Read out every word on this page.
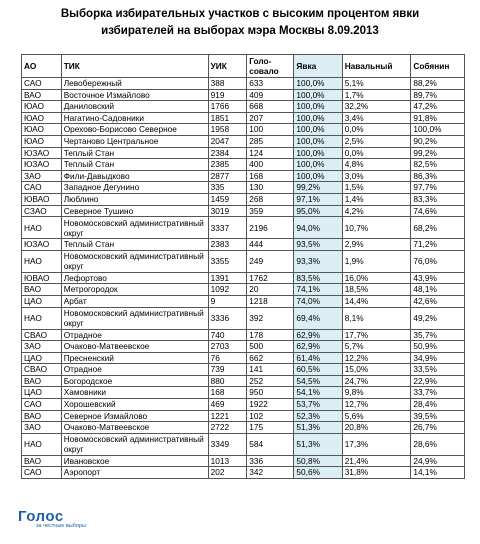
Выборка избирательных участков с высоким процентом явки
избирателей на выборах мэра Москвы 8.09.2013
АО	ТИК	УИК	Голо-совало	Явка	Навальный	Собянин
САО	Левобережный	388	633	100,0%	5,1%	88,2%
ВАО	Восточное Измайлово	919	409	100,0%	1,7%	89,7%
ЮАО	Даниловский	1766	668	100,0%	32,2%	47,2%
ЮАО	Нагатино-Садовники	1851	207	100,0%	3,4%	91,8%
ЮАО	Орехово-Борисово Северное	1958	100	100,0%	0,0%	100,0%
ЮАО	Чертаново Центральное	2047	285	100,0%	2,5%	90,2%
ЮЗАО	Теплый Стан	2384	124	100,0%	0,0%	99,2%
ЮЗАО	Теплый Стан	2385	400	100,0%	4,8%	82,5%
ЗАО	Фили-Давыдково	2877	168	100,0%	3,0%	86,3%
САО	Западное Дегунино	335	130	99,2%	1,5%	97,7%
ЮВАО	Люблино	1459	268	97,1%	1,4%	83,3%
СЗАО	Северное Тушино	3019	359	95,0%	4,2%	74,6%
НАО	Новомосковский административный округ	3337	2196	94,0%	10,7%	68,2%
ЮЗАО	Теплый Стан	2383	444	93,5%	2,9%	71,2%
НАО	Новомосковский административный округ	3355	249	93,3%	1,9%	76,0%
ЮВАО	Лефортово	1391	1762	83,5%	16,0%	43,9%
ВАО	Метрогородок	1092	20	74,1%	18,5%	48,1%
ЦАО	Арбат	9	1218	74,0%	14,4%	42,6%
НАО	Новомосковский административный округ	3336	392	69,4%	8,1%	49,2%
СВАО	Отрадное	740	178	62,9%	17,7%	35,7%
ЗАО	Очаково-Матвеевское	2703	500	62,9%	5,7%	50,9%
ЦАО	Пресненский	76	662	61,4%	12,2%	34,9%
СВАО	Отрадное	739	141	60,5%	15,0%	33,5%
ВАО	Богородское	880	252	54,5%	24,7%	22,9%
ЦАО	Хамовники	168	950	54,1%	9,8%	33,7%
САО	Хорошевский	469	1922	53,7%	12,7%	28,4%
ВАО	Северное Измайлово	1221	102	52,3%	5,6%	39,5%
ЗАО	Очаково-Матвеевское	2722	175	51,3%	20,8%	26,7%
НАО	Новомосковский административный округ	3349	584	51,3%	17,3%	28,6%
ВАО	Ивановское	1013	336	50,8%	21,4%	24,9%
САО	Аэропорт	202	342	50,6%	31,8%	14,1%
Голос
за честные выборы
